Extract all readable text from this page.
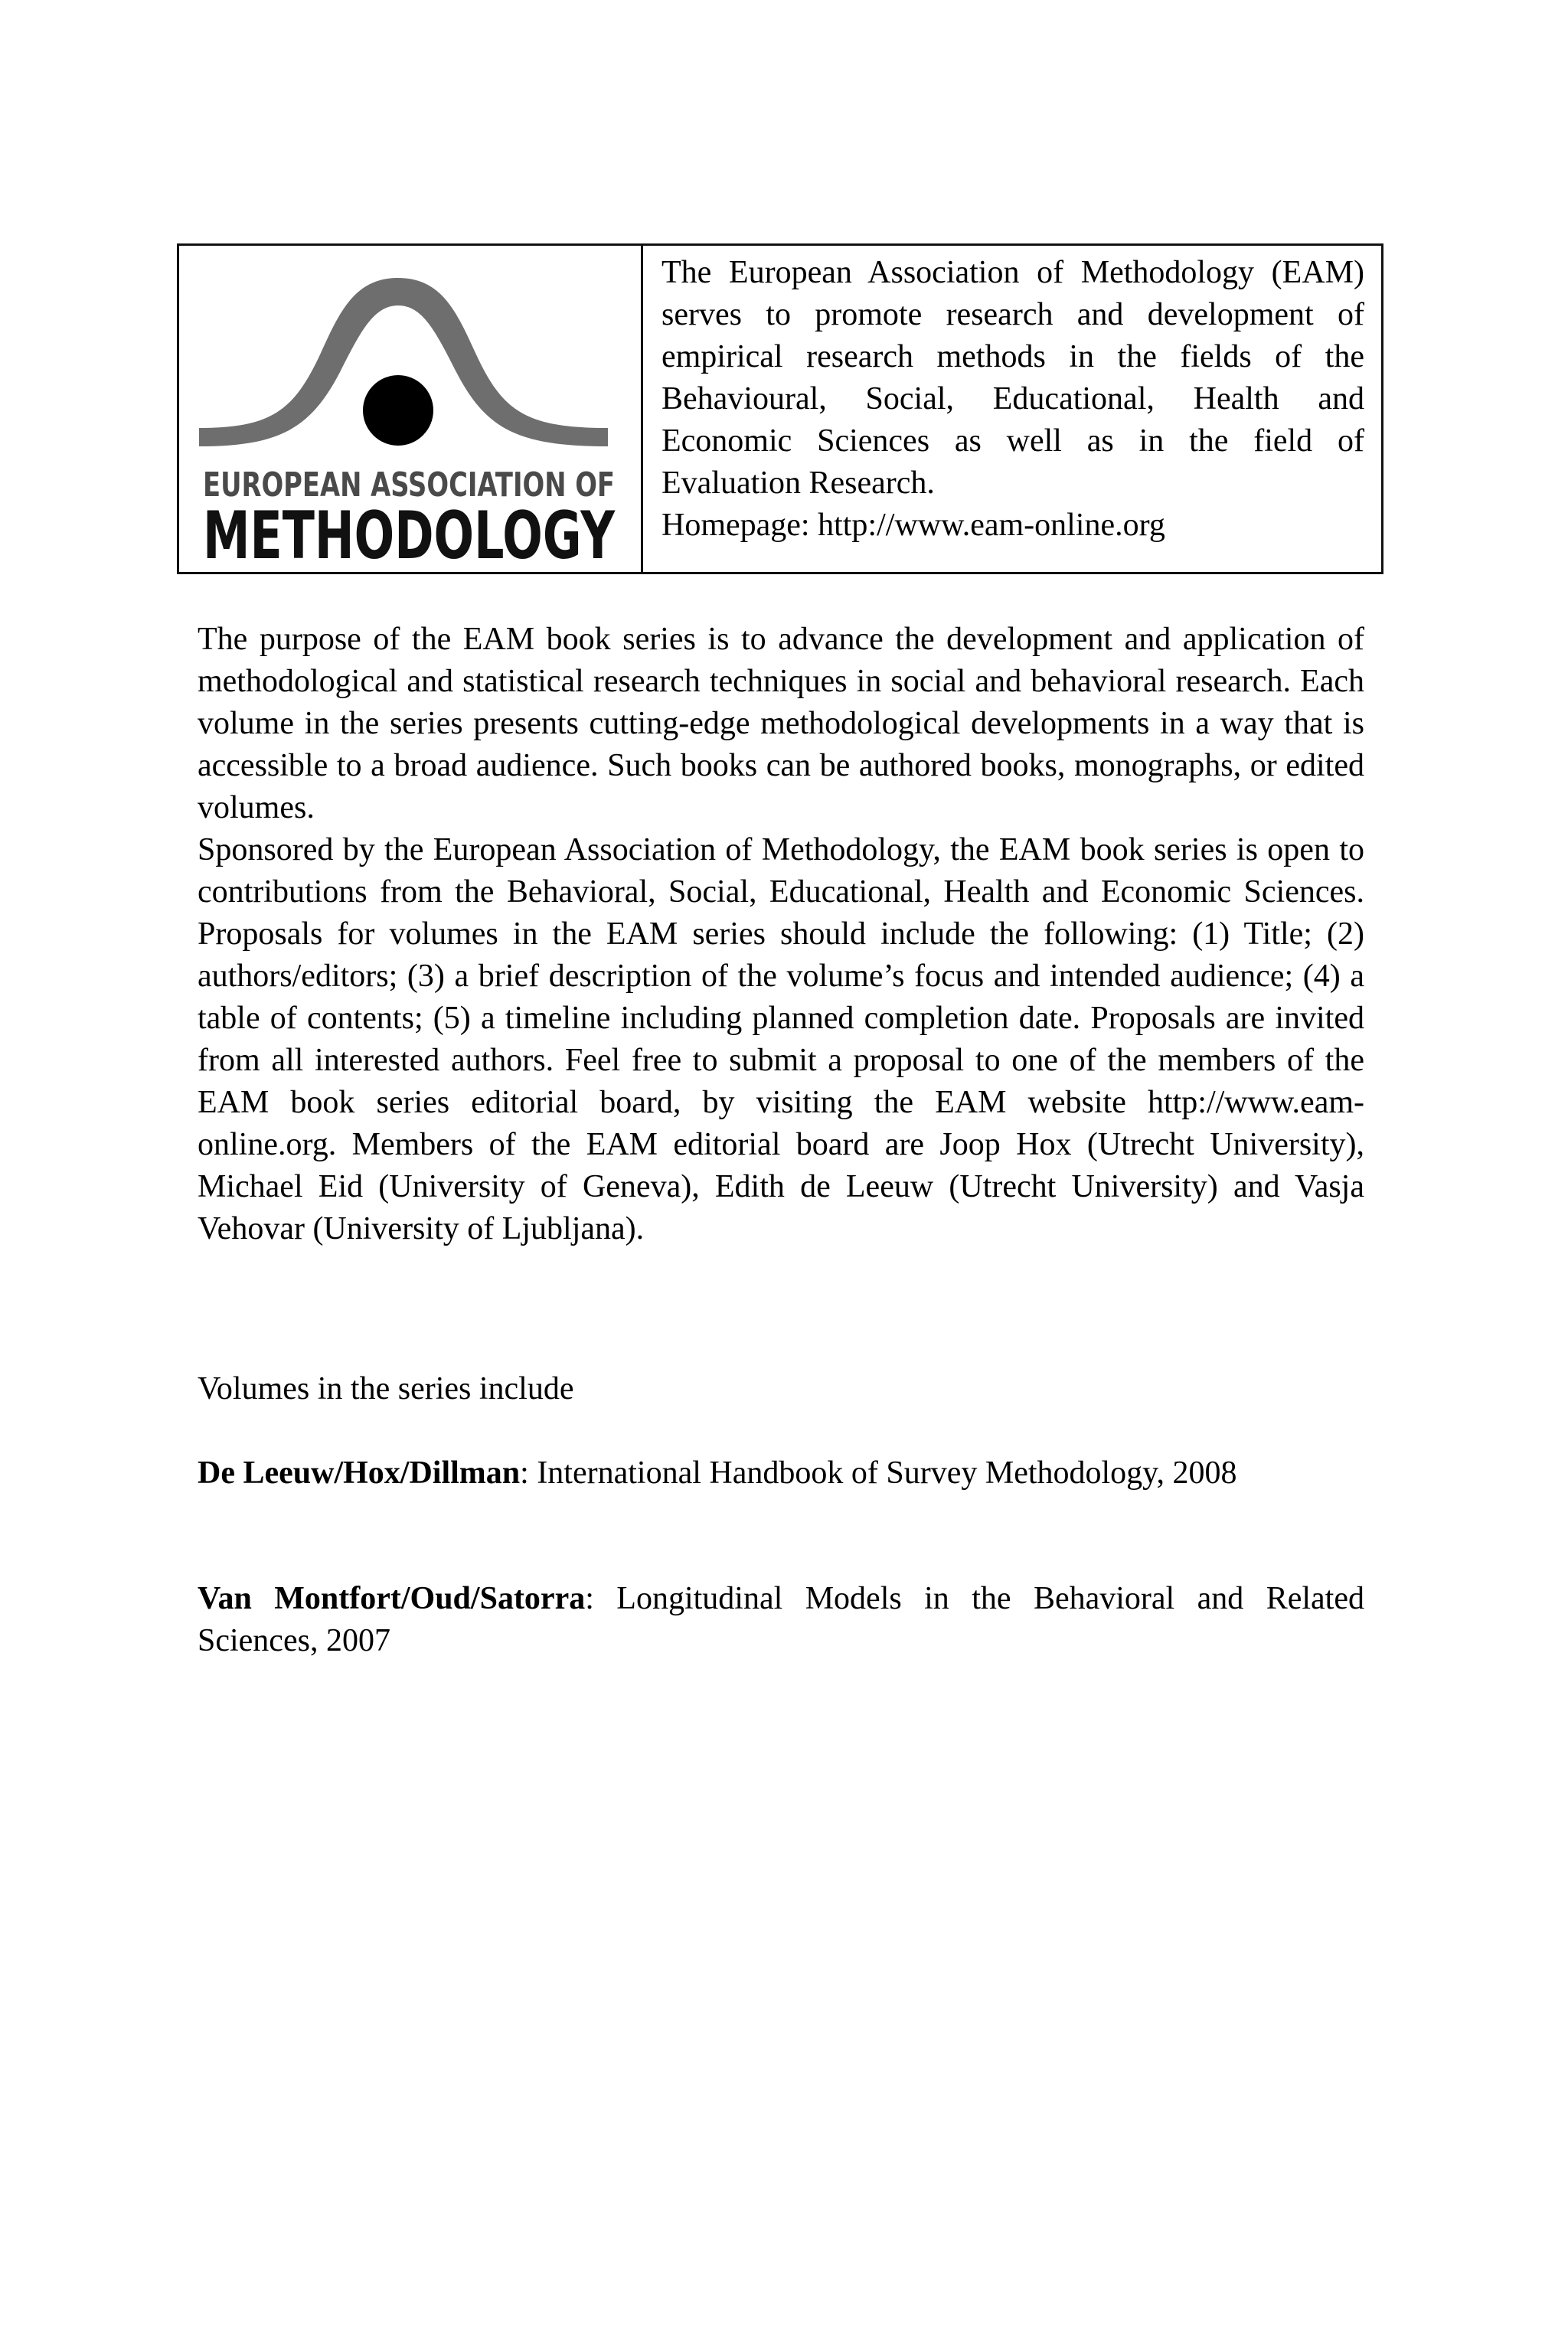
EUROPEAN ASSOCIATION OF
METHODOLOGY

The European Association of Methodology (EAM) serves to promote research and development of empirical research methods in the fields of the Behavioural, Social, Educational, Health and Economic Sciences as well as in the field of Evaluation Research.
Homepage: http://www.eam-online.org

The purpose of the EAM book series is to advance the development and application of methodological and statistical research techniques in social and behavioral research. Each volume in the series presents cutting-edge methodological developments in a way that is accessible to a broad audience. Such books can be authored books, monographs, or edited volumes.

Sponsored by the European Association of Methodology, the EAM book series is open to contributions from the Behavioral, Social, Educational, Health and Economic Sciences. Proposals for volumes in the EAM series should include the following: (1) Title; (2) authors/editors; (3) a brief description of the volume’s focus and intended audience; (4) a table of contents; (5) a timeline including planned completion date. Proposals are invited from all interested authors. Feel free to submit a proposal to one of the members of the EAM book series editorial board, by visiting the EAM website http://www.eam-online.org. Members of the EAM editorial board are Joop Hox (Utrecht University), Michael Eid (University of Geneva), Edith de Leeuw (Utrecht University) and Vasja Vehovar (University of Ljubljana).

Volumes in the series include

De Leeuw/Hox/Dillman: International Handbook of Survey Methodology, 2008

Van Montfort/Oud/Satorra: Longitudinal Models in the Behavioral and Related Sciences, 2007
